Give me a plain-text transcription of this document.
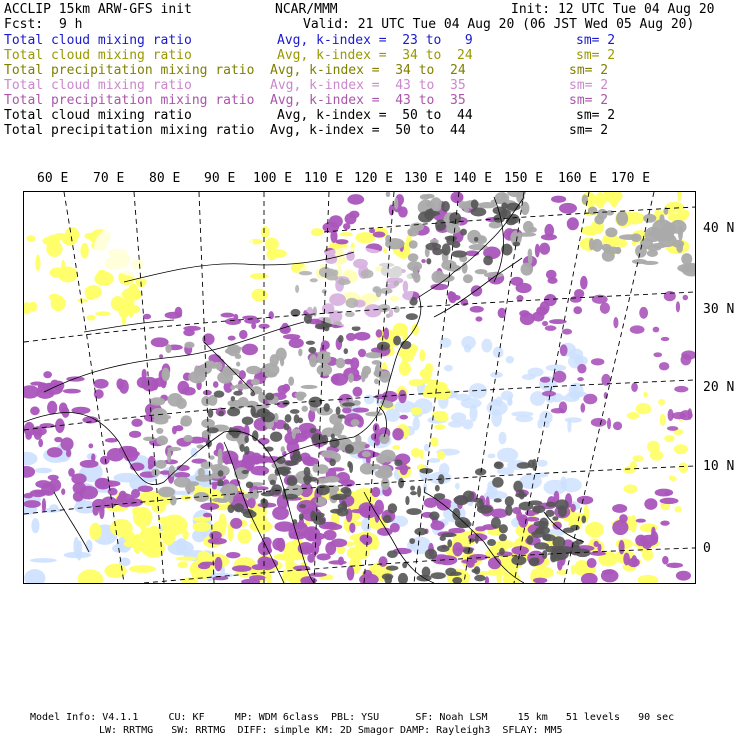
ACCLIP 15km ARW-GFS init	NCAR/MMM	Init: 12 UTC Tue 04 Aug 20
Fcst: 9 h	Valid: 21 UTC Tue 04 Aug 20 (06 JST Wed 05 Aug 20)
Total cloud mixing ratio	Avg, k-index =  23 to   9	sm= 2
Total cloud mixing ratio	Avg, k-index =  34 to  24	sm= 2
Total precipitation mixing ratio Avg, k-index =  34 to  24	sm= 2
Total cloud mixing ratio	Avg, k-index =  43 to  35	sm= 2
Total precipitation mixing ratio Avg, k-index =  43 to  35	sm= 2
Total cloud mixing ratio	Avg, k-index =  50 to  44	sm= 2
Total precipitation mixing ratio Avg, k-index =  50 to  44	sm= 2
60 E 70 E 80 E 90 E 100 E 110 E 120 E 130 E 140 E 150 E 160 E 170 E
40 N
30 N
20 N
10 N
0
Model Info: V4.1.1     CU: KF     MP: WDM 6class  PBL: YSU      SF: Noah LSM     15 km   51 levels   90 sec
LW: RRTMG   SW: RRTMG  DIFF: simple KM: 2D Smagor DAMP: Rayleigh3  SFLAY: MM5
